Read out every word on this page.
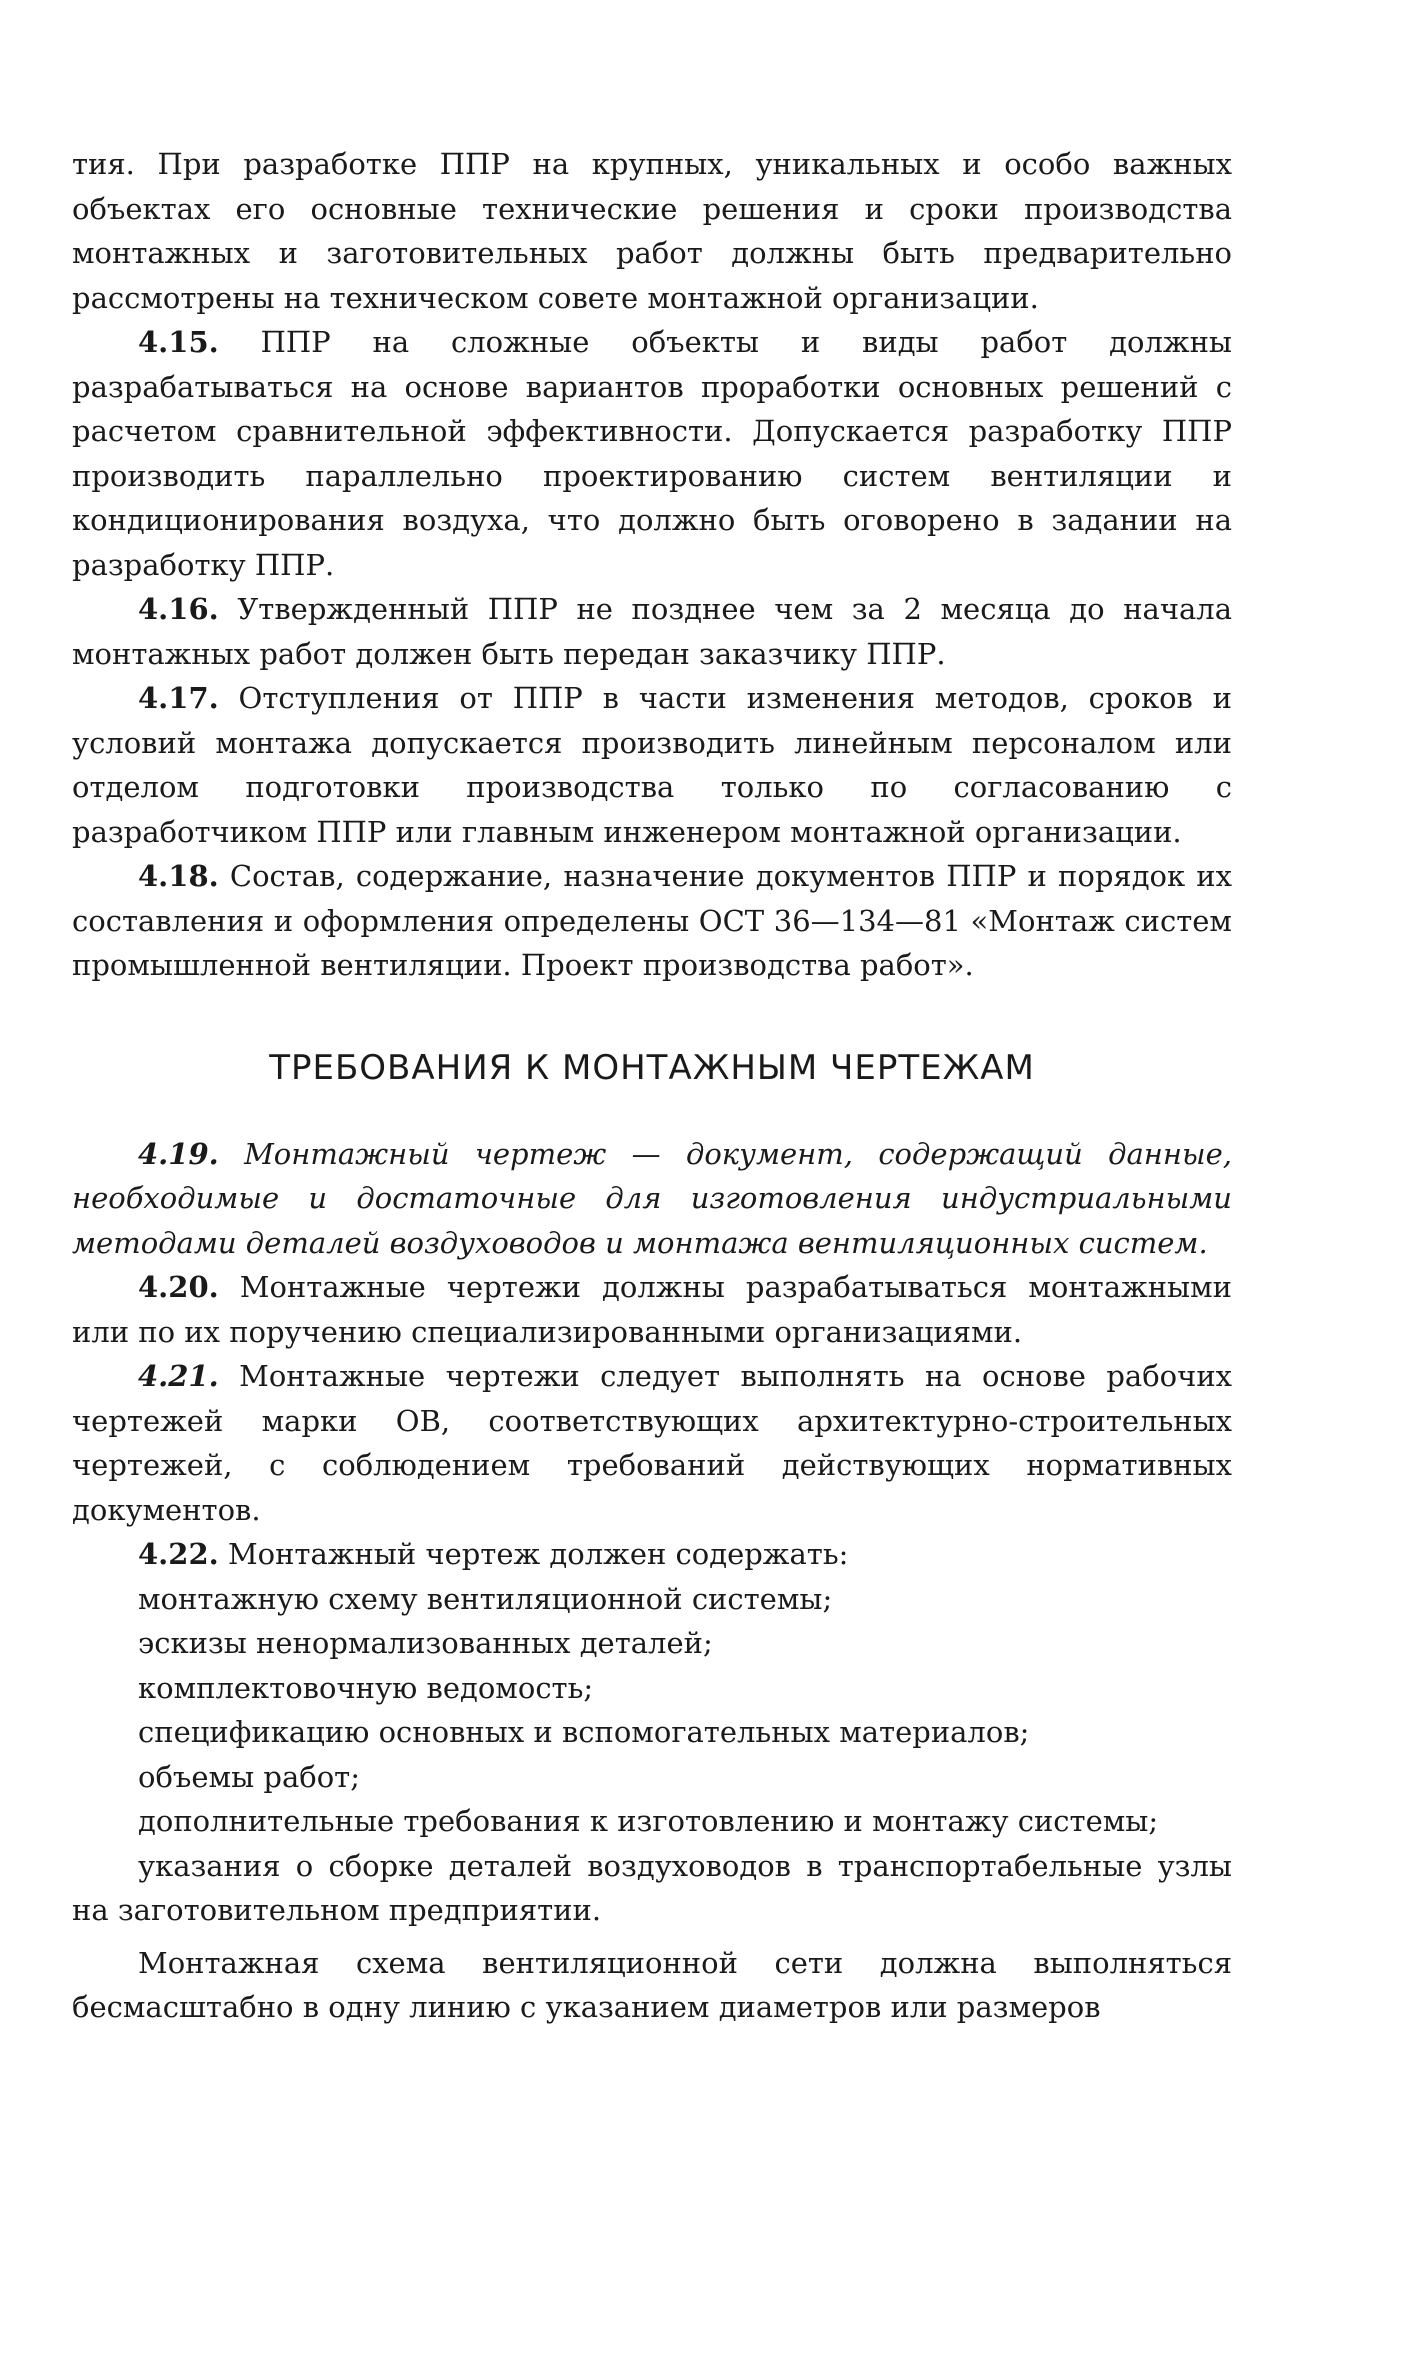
тия. При разработке ППР на крупных, уникальных и особо важных объектах его основные технические решения и сроки производства монтажных и заготовительных работ должны быть предварительно рассмотрены на техническом совете монтажной организации.

4.15. ППР на сложные объекты и виды работ должны разрабатываться на основе вариантов проработки основных решений с расчетом сравнительной эффективности. Допускается разработку ППР производить параллельно проектированию систем вентиляции и кондиционирования воздуха, что должно быть оговорено в задании на разработку ППР.

4.16. Утвержденный ППР не позднее чем за 2 месяца до начала монтажных работ должен быть передан заказчику ППР.

4.17. Отступления от ППР в части изменения методов, сроков и условий монтажа допускается производить линейным персоналом или отделом подготовки производства только по согласованию с разработчиком ППР или главным инженером монтажной организации.

4.18. Состав, содержание, назначение документов ППР и порядок их составления и оформления определены ОСТ 36—134—81 «Монтаж систем промышленной вентиляции. Проект производства работ».

ТРЕБОВАНИЯ К МОНТАЖНЫМ ЧЕРТЕЖАМ

4.19. Монтажный чертеж — документ, содержащий данные, необходимые и достаточные для изготовления индустриальными методами деталей воздуховодов и монтажа вентиляционных систем.

4.20. Монтажные чертежи должны разрабатываться монтажными или по их поручению специализированными организациями.

4.21. Монтажные чертежи следует выполнять на основе рабочих чертежей марки ОВ, соответствующих архитектурно-строительных чертежей, с соблюдением требований действующих нормативных документов.

4.22. Монтажный чертеж должен содержать:

монтажную схему вентиляционной системы;

эскизы ненормализованных деталей;

комплектовочную ведомость;

спецификацию основных и вспомогательных материалов;

объемы работ;

дополнительные требования к изготовлению и монтажу системы;

указания о сборке деталей воздуховодов в транспортабельные узлы на заготовительном предприятии.

Монтажная схема вентиляционной сети должна выполняться бесмасштабно в одну линию с указанием диаметров или размеров
